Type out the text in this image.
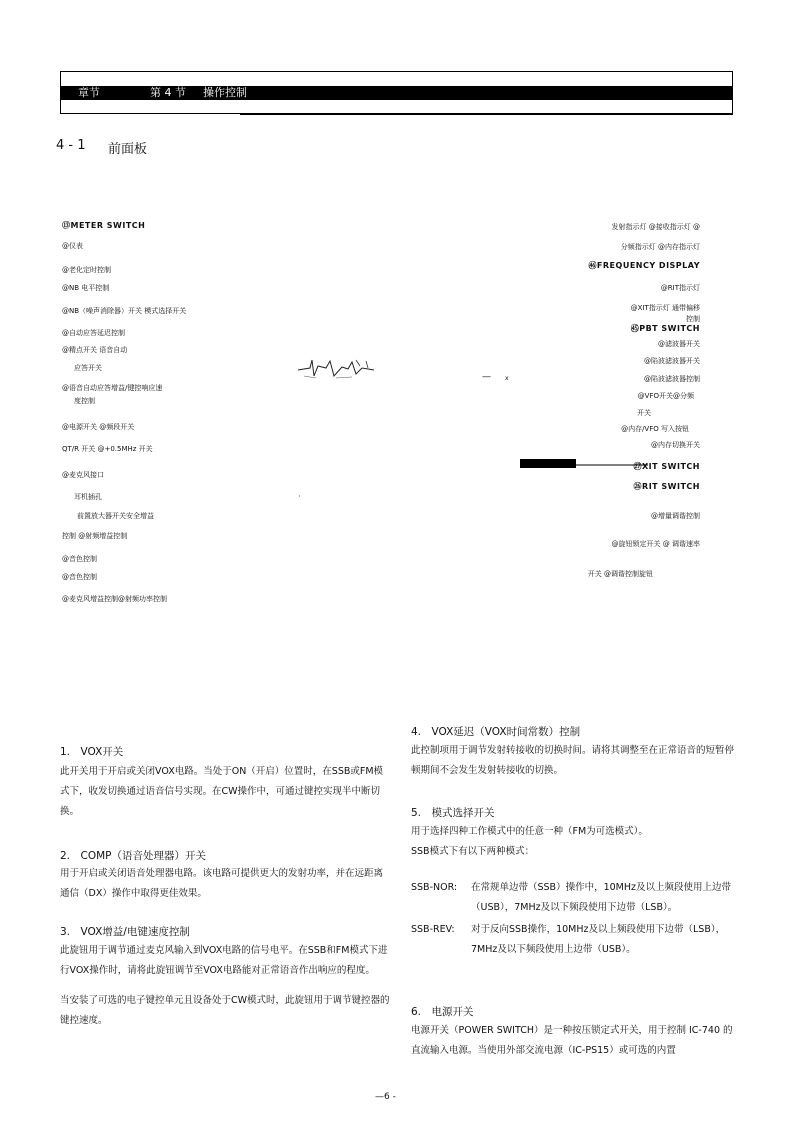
章节	第 4 节 操作控制
4 - 1 前面板
⑬METER SWITCH
@仪表
@老化定时控制
@NB 电平控制
@NB（噪声消除器）开关 模式选择开关
@自动应答延迟控制
@精点开关 语音自动
应答开关
@语音自动应答增益/键控响应速
度控制
@电源开关 @频段开关
QT/R 开关 @+0.5MHz 开关
@麦克风接口
耳机插孔
前置放大器开关安全增益
控制 @射频增益控制
@音色控制
@音色控制
@麦克风增益控制@射频功率控制
发射指示灯 @接收指示灯 @
分频指示灯 @内存指示灯
㊻FREQUENCY DISPLAY
@RIT指示灯
@XIT指示灯 通带偏移
控制
㊺PBT SWITCH
@滤波器开关
@陷波滤波器开关
@陷波滤波器控制
@VFO开关@分频
开关
@内存/VFO 写入按钮
@内存切换开关
㉗XIT SWITCH
㉖RIT SWITCH
@增量调谐控制
@旋钮锁定开关 @ 调谐速率
开关 @调谐控制旋钮
— x
·
1.　VOX开关
此开关用于开启或关闭VOX电路。当处于ON（开启）位置时，在SSB或FM模式下，收发切换通过语音信号实现。在CW操作中，可通过键控实现半中断切换。
2.　COMP（语音处理器）开关
用于开启或关闭语音处理器电路。该电路可提供更大的发射功率，并在远距离通信（DX）操作中取得更佳效果。
3.　VOX增益/电键速度控制
此旋钮用于调节通过麦克风输入到VOX电路的信号电平。在SSB和FM模式下进行VOX操作时，请将此旋钮调节至VOX电路能对正常语音作出响应的程度。
当安装了可选的电子键控单元且设备处于CW模式时，此旋钮用于调节键控器的键控速度。
4.　VOX延迟（VOX时间常数）控制
此控制项用于调节发射转接收的切换时间。请将其调整至在正常语音的短暂停顿期间不会发生发射转接收的切换。
5.　模式选择开关
用于选择四种工作模式中的任意一种（FM为可选模式）。
SSB模式下有以下两种模式：
SSB-NOR:	在常规单边带（SSB）操作中，10MHz及以上频段使用上边带（USB），7MHz及以下频段使用下边带（LSB）。
SSB-REV:	对于反向SSB操作，10MHz及以上频段使用下边带（LSB），7MHz及以下频段使用上边带（USB）。
6.　电源开关
电源开关（POWER SWITCH）是一种按压锁定式开关，用于控制 IC-740 的直流输入电源。当使用外部交流电源（IC-PS15）或可选的内置
—6 -
